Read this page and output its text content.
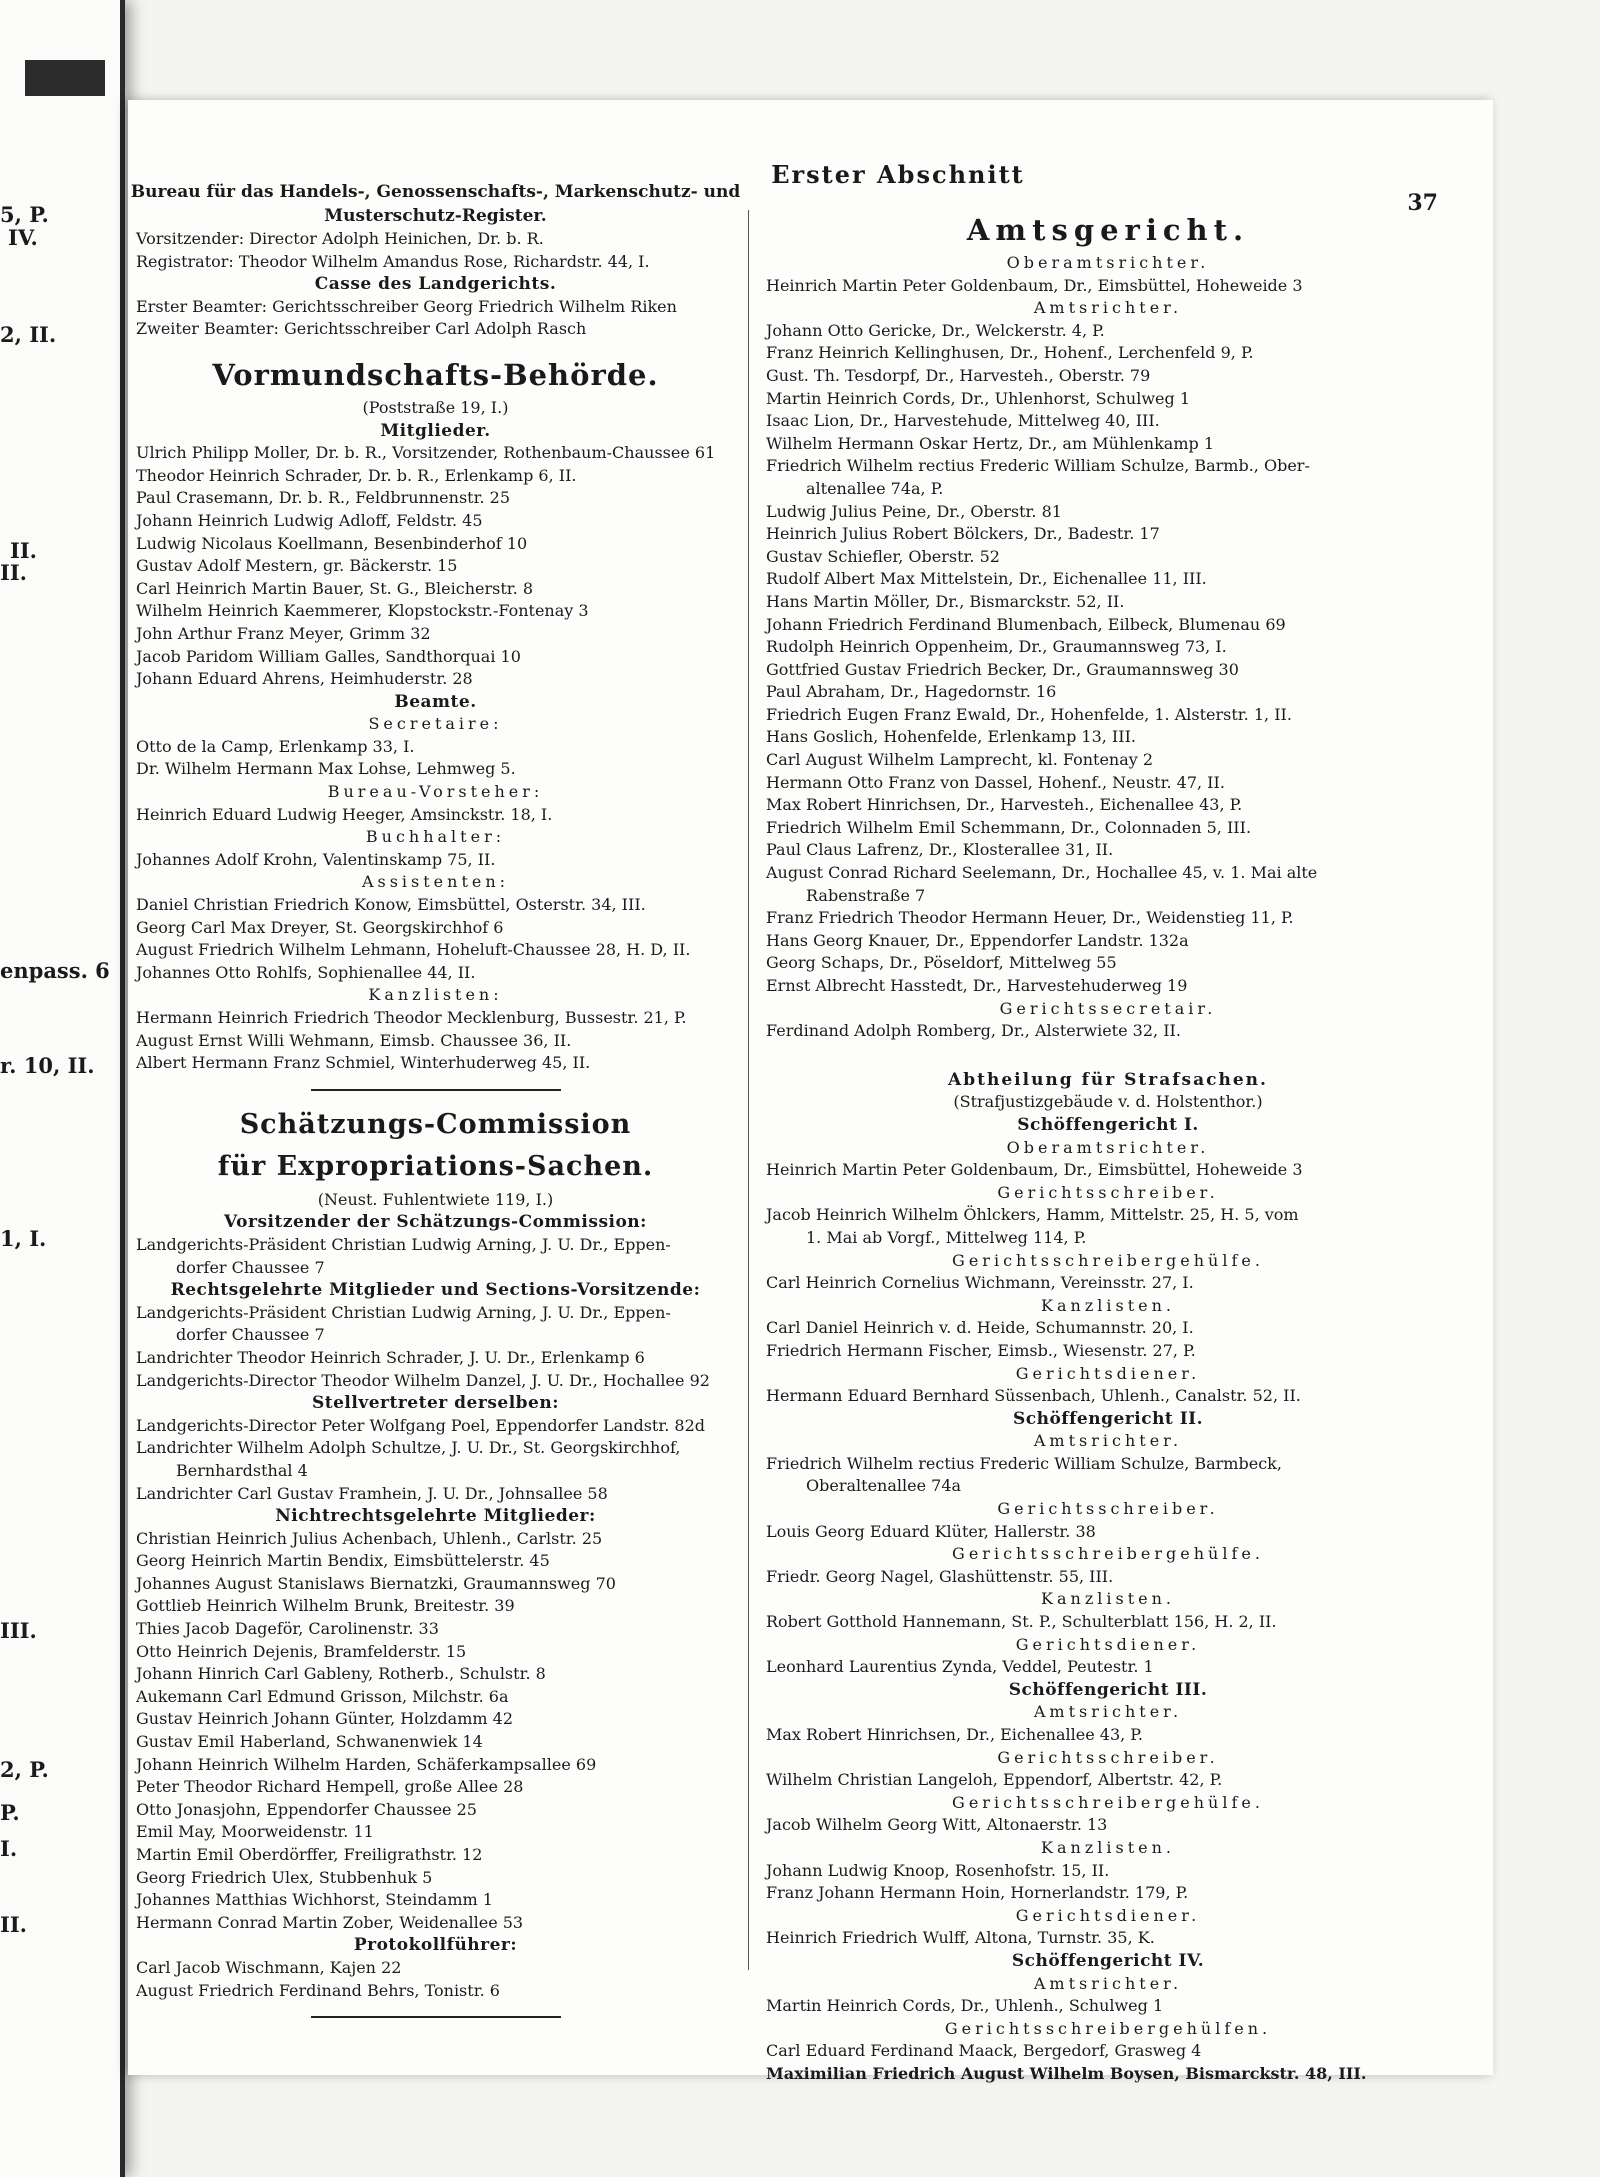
5, P.
IV.
2, II.
II.
II.
enpass. 6
r. 10, II.
1, I.
III.
2, P.
P.
I.
II.
Erster Abschnitt
37
Bureau für das Handels-, Genossenschafts-, Markenschutz- und
Musterschutz-Register.
Vorsitzender: Director Adolph Heinichen, Dr. b. R.
Registrator: Theodor Wilhelm Amandus Rose, Richardstr. 44, I.
Casse des Landgerichts.
Erster Beamter: Gerichtsschreiber Georg Friedrich Wilhelm Riken
Zweiter Beamter: Gerichtsschreiber Carl Adolph Rasch
Vormundschafts-Behörde.
(Poststraße 19, I.)
Mitglieder.
Ulrich Philipp Moller, Dr. b. R., Vorsitzender, Rothenbaum-Chaussee 61
Theodor Heinrich Schrader, Dr. b. R., Erlenkamp 6, II.
Paul Crasemann, Dr. b. R., Feldbrunnenstr. 25
Johann Heinrich Ludwig Adloff, Feldstr. 45
Ludwig Nicolaus Koellmann, Besenbinderhof 10
Gustav Adolf Mestern, gr. Bäckerstr. 15
Carl Heinrich Martin Bauer, St. G., Bleicherstr. 8
Wilhelm Heinrich Kaemmerer, Klopstockstr.-Fontenay 3
John Arthur Franz Meyer, Grimm 32
Jacob Paridom William Galles, Sandthorquai 10
Johann Eduard Ahrens, Heimhuderstr. 28
Beamte.
Secretaire:
Otto de la Camp, Erlenkamp 33, I.
Dr. Wilhelm Hermann Max Lohse, Lehmweg 5.
Bureau-Vorsteher:
Heinrich Eduard Ludwig Heeger, Amsinckstr. 18, I.
Buchhalter:
Johannes Adolf Krohn, Valentinskamp 75, II.
Assistenten:
Daniel Christian Friedrich Konow, Eimsbüttel, Osterstr. 34, III.
Georg Carl Max Dreyer, St. Georgskirchhof 6
August Friedrich Wilhelm Lehmann, Hoheluft-Chaussee 28, H. D, II.
Johannes Otto Rohlfs, Sophienallee 44, II.
Kanzlisten:
Hermann Heinrich Friedrich Theodor Mecklenburg, Bussestr. 21, P.
August Ernst Willi Wehmann, Eimsb. Chaussee 36, II.
Albert Hermann Franz Schmiel, Winterhuderweg 45, II.
Schätzungs-Commission
für Expropriations-Sachen.
(Neust. Fuhlentwiete 119, I.)
Vorsitzender der Schätzungs-Commission:
Landgerichts-Präsident Christian Ludwig Arning, J. U. Dr., Eppen-
dorfer Chaussee 7
Rechtsgelehrte Mitglieder und Sections-Vorsitzende:
Landgerichts-Präsident Christian Ludwig Arning, J. U. Dr., Eppen-
dorfer Chaussee 7
Landrichter Theodor Heinrich Schrader, J. U. Dr., Erlenkamp 6
Landgerichts-Director Theodor Wilhelm Danzel, J. U. Dr., Hochallee 92
Stellvertreter derselben:
Landgerichts-Director Peter Wolfgang Poel, Eppendorfer Landstr. 82d
Landrichter Wilhelm Adolph Schultze, J. U. Dr., St. Georgskirchhof,
Bernhardsthal 4
Landrichter Carl Gustav Framhein, J. U. Dr., Johnsallee 58
Nichtrechtsgelehrte Mitglieder:
Christian Heinrich Julius Achenbach, Uhlenh., Carlstr. 25
Georg Heinrich Martin Bendix, Eimsbüttelerstr. 45
Johannes August Stanislaws Biernatzki, Graumannsweg 70
Gottlieb Heinrich Wilhelm Brunk, Breitestr. 39
Thies Jacob Dageför, Carolinenstr. 33
Otto Heinrich Dejenis, Bramfelderstr. 15
Johann Hinrich Carl Gableny, Rotherb., Schulstr. 8
Aukemann Carl Edmund Grisson, Milchstr. 6a
Gustav Heinrich Johann Günter, Holzdamm 42
Gustav Emil Haberland, Schwanenwiek 14
Johann Heinrich Wilhelm Harden, Schäferkampsallee 69
Peter Theodor Richard Hempell, große Allee 28
Otto Jonasjohn, Eppendorfer Chaussee 25
Emil May, Moorweidenstr. 11
Martin Emil Oberdörffer, Freiligrathstr. 12
Georg Friedrich Ulex, Stubbenhuk 5
Johannes Matthias Wichhorst, Steindamm 1
Hermann Conrad Martin Zober, Weidenallee 53
Protokollführer:
Carl Jacob Wischmann, Kajen 22
August Friedrich Ferdinand Behrs, Tonistr. 6
Amtsgericht.
Oberamtsrichter.
Heinrich Martin Peter Goldenbaum, Dr., Eimsbüttel, Hoheweide 3
Amtsrichter.
Johann Otto Gericke, Dr., Welckerstr. 4, P.
Franz Heinrich Kellinghusen, Dr., Hohenf., Lerchenfeld 9, P.
Gust. Th. Tesdorpf, Dr., Harvesteh., Oberstr. 79
Martin Heinrich Cords, Dr., Uhlenhorst, Schulweg 1
Isaac Lion, Dr., Harvestehude, Mittelweg 40, III.
Wilhelm Hermann Oskar Hertz, Dr., am Mühlenkamp 1
Friedrich Wilhelm rectius Frederic William Schulze, Barmb., Ober-
altenallee 74a, P.
Ludwig Julius Peine, Dr., Oberstr. 81
Heinrich Julius Robert Bölckers, Dr., Badestr. 17
Gustav Schiefler, Oberstr. 52
Rudolf Albert Max Mittelstein, Dr., Eichenallee 11, III.
Hans Martin Möller, Dr., Bismarckstr. 52, II.
Johann Friedrich Ferdinand Blumenbach, Eilbeck, Blumenau 69
Rudolph Heinrich Oppenheim, Dr., Graumannsweg 73, I.
Gottfried Gustav Friedrich Becker, Dr., Graumannsweg 30
Paul Abraham, Dr., Hagedornstr. 16
Friedrich Eugen Franz Ewald, Dr., Hohenfelde, 1. Alsterstr. 1, II.
Hans Goslich, Hohenfelde, Erlenkamp 13, III.
Carl August Wilhelm Lamprecht, kl. Fontenay 2
Hermann Otto Franz von Dassel, Hohenf., Neustr. 47, II.
Max Robert Hinrichsen, Dr., Harvesteh., Eichenallee 43, P.
Friedrich Wilhelm Emil Schemmann, Dr., Colonnaden 5, III.
Paul Claus Lafrenz, Dr., Klosterallee 31, II.
August Conrad Richard Seelemann, Dr., Hochallee 45, v. 1. Mai alte
Rabenstraße 7
Franz Friedrich Theodor Hermann Heuer, Dr., Weidenstieg 11, P.
Hans Georg Knauer, Dr., Eppendorfer Landstr. 132a
Georg Schaps, Dr., Pöseldorf, Mittelweg 55
Ernst Albrecht Hasstedt, Dr., Harvestehuderweg 19
Gerichtssecretair.
Ferdinand Adolph Romberg, Dr., Alsterwiete 32, II.
Abtheilung für Strafsachen.
(Strafjustizgebäude v. d. Holstenthor.)
Schöffengericht I.
Oberamtsrichter.
Heinrich Martin Peter Goldenbaum, Dr., Eimsbüttel, Hoheweide 3
Gerichtsschreiber.
Jacob Heinrich Wilhelm Öhlckers, Hamm, Mittelstr. 25, H. 5, vom
1. Mai ab Vorgf., Mittelweg 114, P.
Gerichtsschreibergehülfe.
Carl Heinrich Cornelius Wichmann, Vereinsstr. 27, I.
Kanzlisten.
Carl Daniel Heinrich v. d. Heide, Schumannstr. 20, I.
Friedrich Hermann Fischer, Eimsb., Wiesenstr. 27, P.
Gerichtsdiener.
Hermann Eduard Bernhard Süssenbach, Uhlenh., Canalstr. 52, II.
Schöffengericht II.
Amtsrichter.
Friedrich Wilhelm rectius Frederic William Schulze, Barmbeck,
Oberaltenallee 74a
Gerichtsschreiber.
Louis Georg Eduard Klüter, Hallerstr. 38
Gerichtsschreibergehülfe.
Friedr. Georg Nagel, Glashüttenstr. 55, III.
Kanzlisten.
Robert Gotthold Hannemann, St. P., Schulterblatt 156, H. 2, II.
Gerichtsdiener.
Leonhard Laurentius Zynda, Veddel, Peutestr. 1
Schöffengericht III.
Amtsrichter.
Max Robert Hinrichsen, Dr., Eichenallee 43, P.
Gerichtsschreiber.
Wilhelm Christian Langeloh, Eppendorf, Albertstr. 42, P.
Gerichtsschreibergehülfe.
Jacob Wilhelm Georg Witt, Altonaerstr. 13
Kanzlisten.
Johann Ludwig Knoop, Rosenhofstr. 15, II.
Franz Johann Hermann Hoin, Hornerlandstr. 179, P.
Gerichtsdiener.
Heinrich Friedrich Wulff, Altona, Turnstr. 35, K.
Schöffengericht IV.
Amtsrichter.
Martin Heinrich Cords, Dr., Uhlenh., Schulweg 1
Gerichtsschreibergehülfen.
Carl Eduard Ferdinand Maack, Bergedorf, Grasweg 4
Maximilian Friedrich August Wilhelm Boysen, Bismarckstr. 48, III.
